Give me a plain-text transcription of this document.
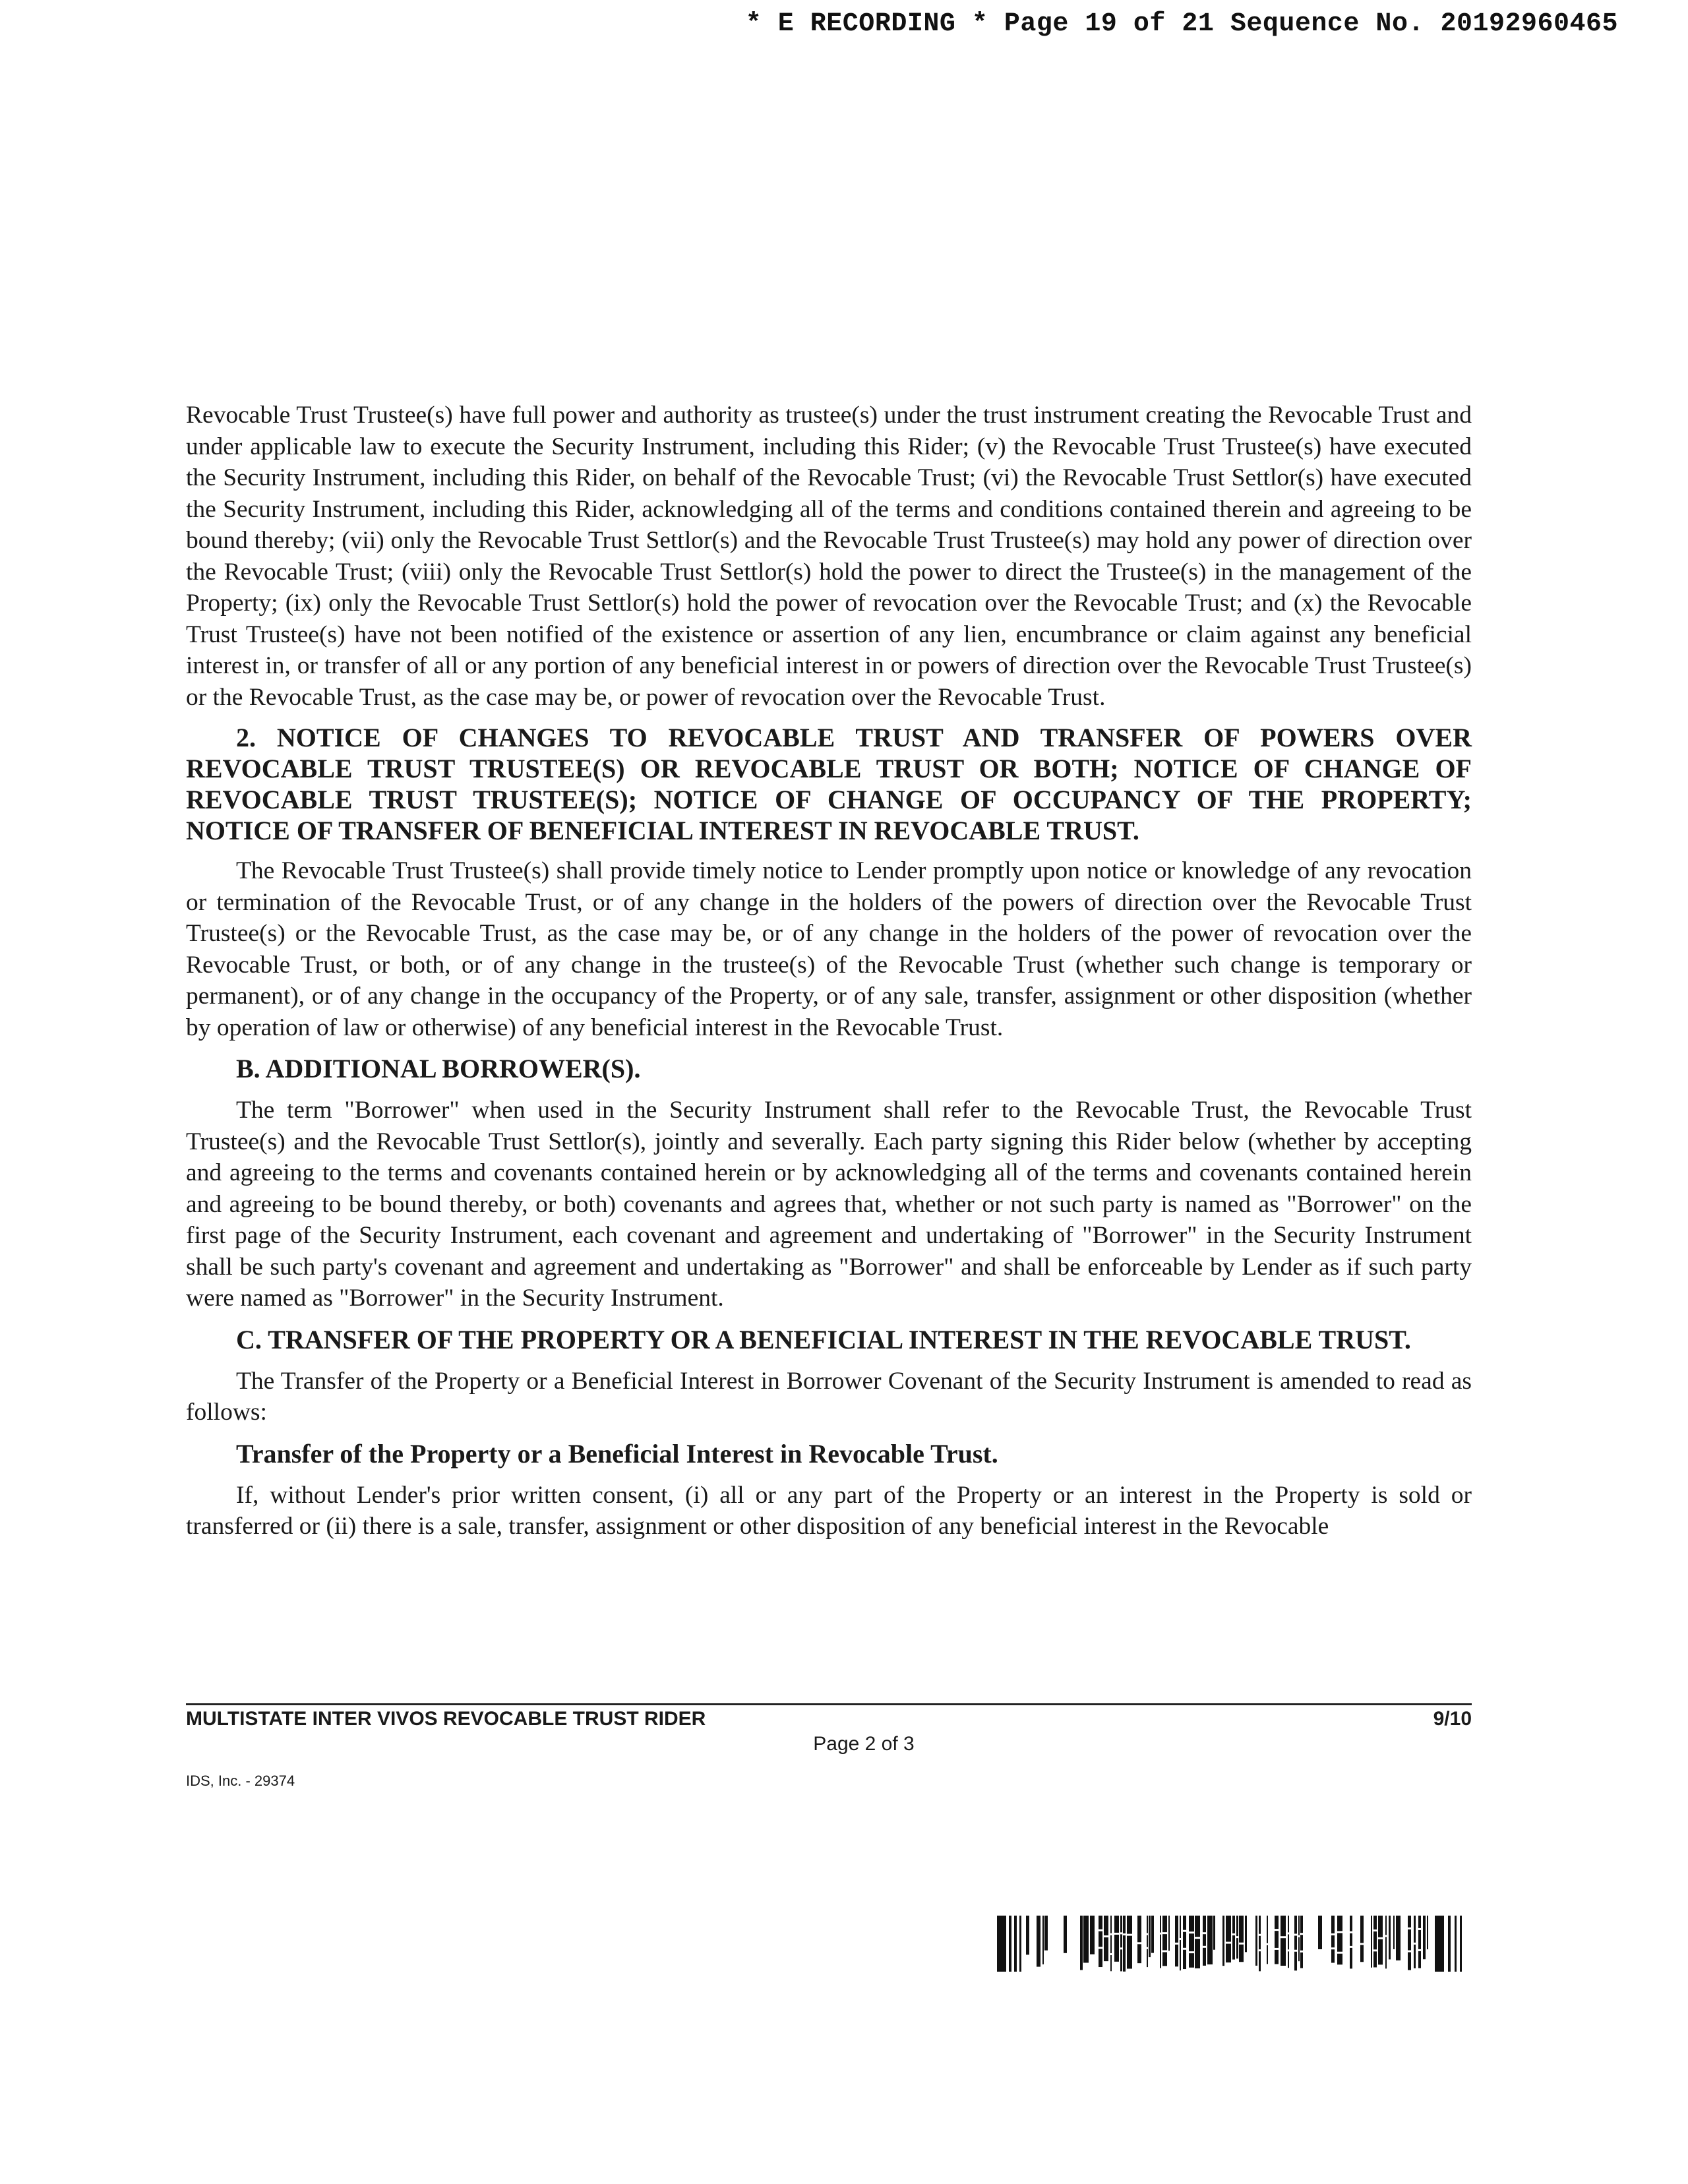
* E RECORDING * Page 19 of 21 Sequence No. 20192960465

Revocable Trust Trustee(s) have full power and authority as trustee(s) under the trust instrument creating the Revocable Trust and under applicable law to execute the Security Instrument, including this Rider; (v) the Revocable Trust Trustee(s) have executed the Security Instrument, including this Rider, on behalf of the Revocable Trust; (vi) the Revocable Trust Settlor(s) have executed the Security Instrument, including this Rider, acknowledging all of the terms and conditions contained therein and agreeing to be bound thereby; (vii) only the Revocable Trust Settlor(s) and the Revocable Trust Trustee(s) may hold any power of direction over the Revocable Trust; (viii) only the Revocable Trust Settlor(s) hold the power to direct the Trustee(s) in the management of the Property; (ix) only the Revocable Trust Settlor(s) hold the power of revocation over the Revocable Trust; and (x) the Revocable Trust Trustee(s) have not been notified of the existence or assertion of any lien, encumbrance or claim against any beneficial interest in, or transfer of all or any portion of any beneficial interest in or powers of direction over the Revocable Trust Trustee(s) or the Revocable Trust, as the case may be, or power of revocation over the Revocable Trust.

2. NOTICE OF CHANGES TO REVOCABLE TRUST AND TRANSFER OF POWERS OVER REVOCABLE TRUST TRUSTEE(S) OR REVOCABLE TRUST OR BOTH; NOTICE OF CHANGE OF REVOCABLE TRUST TRUSTEE(S); NOTICE OF CHANGE OF OCCUPANCY OF THE PROPERTY; NOTICE OF TRANSFER OF BENEFICIAL INTEREST IN REVOCABLE TRUST.

The Revocable Trust Trustee(s) shall provide timely notice to Lender promptly upon notice or knowledge of any revocation or termination of the Revocable Trust, or of any change in the holders of the powers of direction over the Revocable Trust Trustee(s) or the Revocable Trust, as the case may be, or of any change in the holders of the power of revocation over the Revocable Trust, or both, or of any change in the trustee(s) of the Revocable Trust (whether such change is temporary or permanent), or of any change in the occupancy of the Property, or of any sale, transfer, assignment or other disposition (whether by operation of law or otherwise) of any beneficial interest in the Revocable Trust.

B. ADDITIONAL BORROWER(S).

The term "Borrower" when used in the Security Instrument shall refer to the Revocable Trust, the Revocable Trust Trustee(s) and the Revocable Trust Settlor(s), jointly and severally. Each party signing this Rider below (whether by accepting and agreeing to the terms and covenants contained herein or by acknowledging all of the terms and covenants contained herein and agreeing to be bound thereby, or both) covenants and agrees that, whether or not such party is named as "Borrower" on the first page of the Security Instrument, each covenant and agreement and undertaking of "Borrower" in the Security Instrument shall be such party's covenant and agreement and undertaking as "Borrower" and shall be enforceable by Lender as if such party were named as "Borrower" in the Security Instrument.

C. TRANSFER OF THE PROPERTY OR A BENEFICIAL INTEREST IN THE REVOCABLE TRUST.

The Transfer of the Property or a Beneficial Interest in Borrower Covenant of the Security Instrument is amended to read as follows:

Transfer of the Property or a Beneficial Interest in Revocable Trust.

If, without Lender's prior written consent, (i) all or any part of the Property or an interest in the Property is sold or transferred or (ii) there is a sale, transfer, assignment or other disposition of any beneficial interest in the Revocable

MULTISTATE INTER VIVOS REVOCABLE TRUST RIDER	9/10
Page 2 of 3
IDS, Inc. - 29374
